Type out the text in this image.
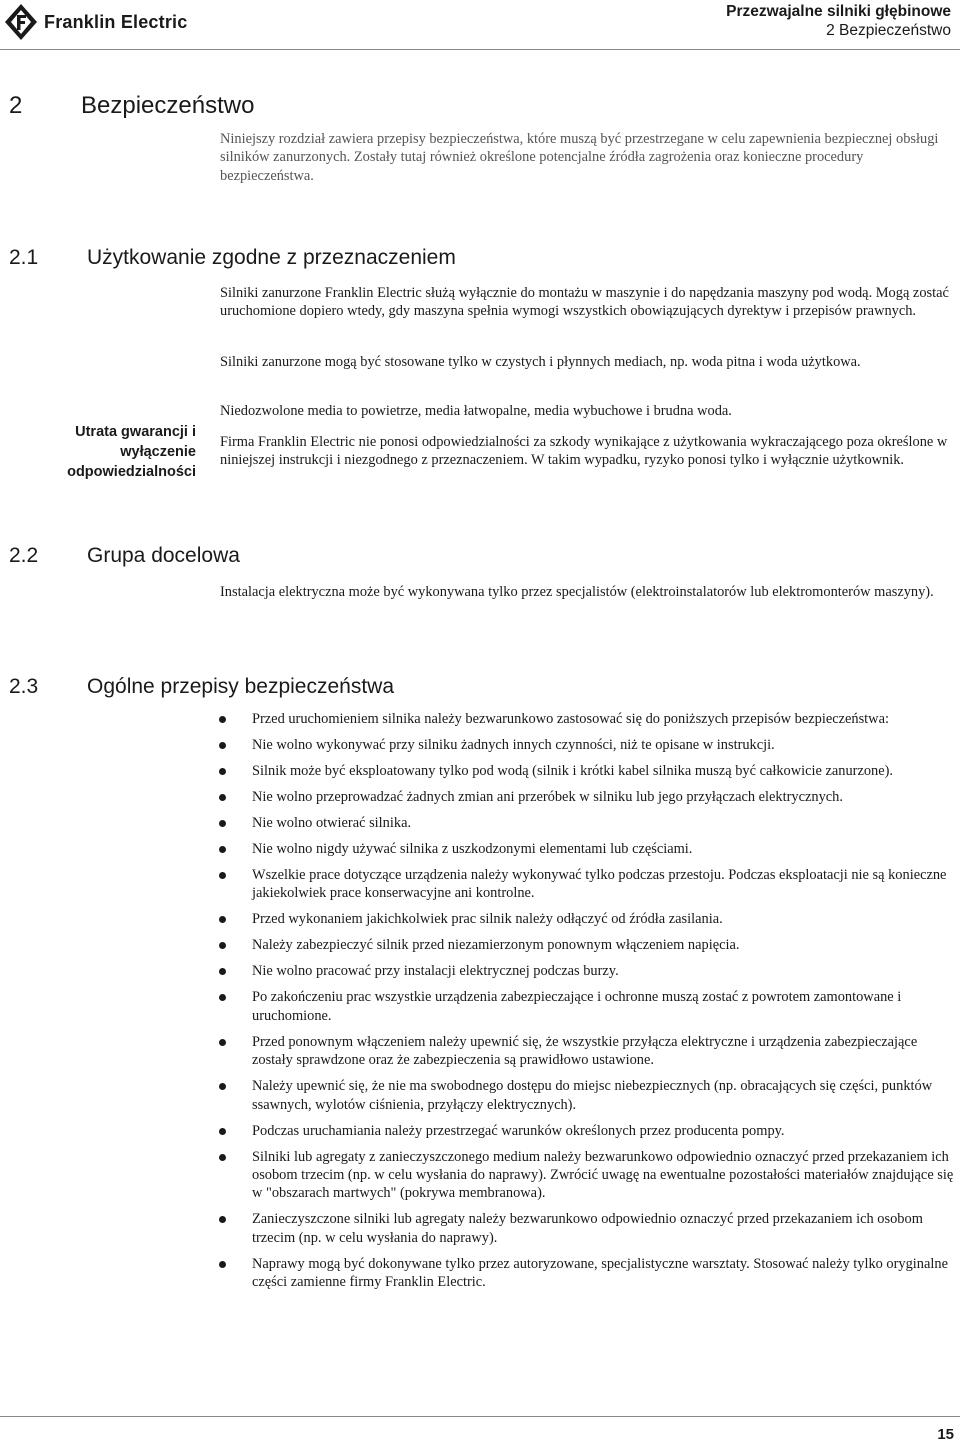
Franklin Electric	Przezwajalne silniki głębinowe
2 Bezpieczeństwo
2 Bezpieczeństwo

Niniejszy rozdział zawiera przepisy bezpieczeństwa, które muszą być przestrzegane w celu zapewnienia bezpiecznej obsługi silników zanurzonych. Zostały tutaj również określone potencjalne źródła zagrożenia oraz konieczne procedury bezpieczeństwa.

2.1 Użytkowanie zgodne z przeznaczeniem

Silniki zanurzone Franklin Electric służą wyłącznie do montażu w maszynie i do napędzania maszyny pod wodą. Mogą zostać uruchomione dopiero wtedy, gdy maszyna spełnia wymogi wszystkich obowiązujących dyrektyw i przepisów prawnych.

Silniki zanurzone mogą być stosowane tylko w czystych i płynnych mediach, np. woda pitna i woda użytkowa.

Niedozwolone media to powietrze, media łatwopalne, media wybuchowe i brudna woda.

Firma Franklin Electric nie ponosi odpowiedzialności za szkody wynikające z użytkowania wykraczającego poza określone w niniejszej instrukcji i niezgodnego z przeznaczeniem. W takim wypadku, ryzyko ponosi tylko i wyłącznie użytkownik.

Utrata gwarancji i
wyłączenie
odpowiedzialności
2.2 Grupa docelowa

Instalacja elektryczna może być wykonywana tylko przez specjalistów (elektroinstalatorów lub elektromonterów maszyny).

2.3 Ogólne przepisy bezpieczeństwa
Przed uruchomieniem silnika należy bezwarunkowo zastosować się do poniższych przepisów bezpieczeństwa:
Nie wolno wykonywać przy silniku żadnych innych czynności, niż te opisane w instrukcji.
Silnik może być eksploatowany tylko pod wodą (silnik i krótki kabel silnika muszą być całkowicie zanurzone).
Nie wolno przeprowadzać żadnych zmian ani przeróbek w silniku lub jego przyłączach elektrycznych.
Nie wolno otwierać silnika.
Nie wolno nigdy używać silnika z uszkodzonymi elementami lub częściami.
Wszelkie prace dotyczące urządzenia należy wykonywać tylko podczas przestoju. Podczas eksploatacji nie są konieczne jakiekolwiek prace konserwacyjne ani kontrolne.
Przed wykonaniem jakichkolwiek prac silnik należy odłączyć od źródła zasilania.
Należy zabezpieczyć silnik przed niezamierzonym ponownym włączeniem napięcia.
Nie wolno pracować przy instalacji elektrycznej podczas burzy.
Po zakończeniu prac wszystkie urządzenia zabezpieczające i ochronne muszą zostać z powrotem zamontowane i uruchomione.
Przed ponownym włączeniem należy upewnić się, że wszystkie przyłącza elektryczne i urządzenia zabezpieczające zostały sprawdzone oraz że zabezpieczenia są prawidłowo ustawione.
Należy upewnić się, że nie ma swobodnego dostępu do miejsc niebezpiecznych (np. obracających się części, punktów ssawnych, wylotów ciśnienia, przyłączy elektrycznych).
Podczas uruchamiania należy przestrzegać warunków określonych przez producenta pompy.
Silniki lub agregaty z zanieczyszczonego medium należy bezwarunkowo odpowiednio oznaczyć przed przekazaniem ich osobom trzecim (np. w celu wysłania do naprawy). Zwrócić uwagę na ewentualne pozostałości materiałów znajdujące się w "obszarach martwych" (pokrywa membranowa).
Zanieczyszczone silniki lub agregaty należy bezwarunkowo odpowiednio oznaczyć przed przekazaniem ich osobom trzecim (np. w celu wysłania do naprawy).
Naprawy mogą być dokonywane tylko przez autoryzowane, specjalistyczne warsztaty. Stosować należy tylko oryginalne części zamienne firmy Franklin Electric.
15
